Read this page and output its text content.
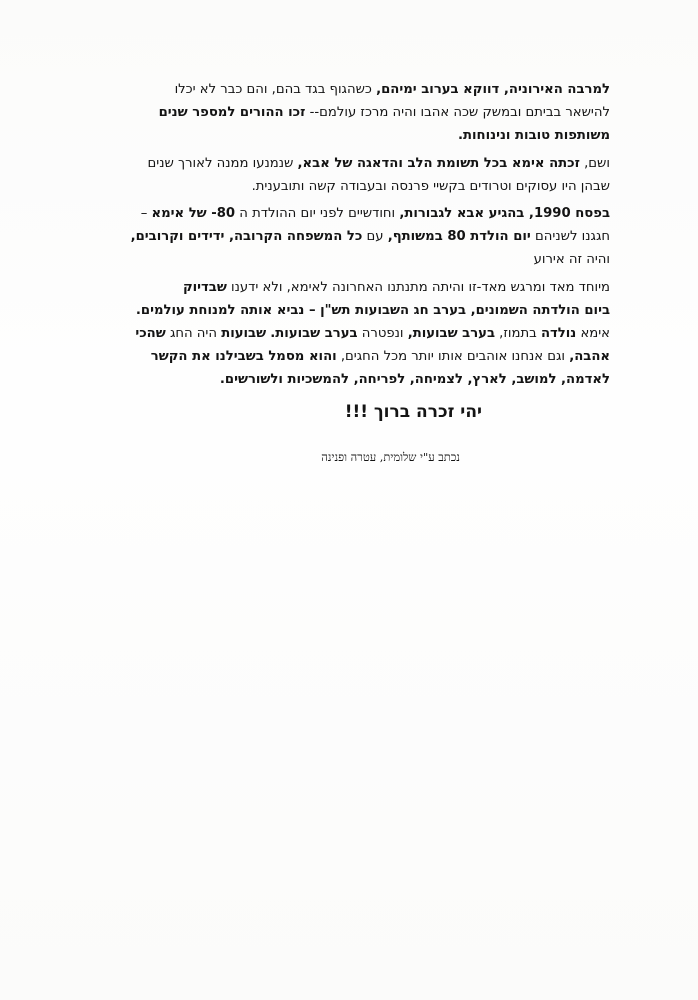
למרבה האירוניה, דווקא בערוב ימיהם, כשהגוף בגד בהם, והם כבר לא יכלו
להישאר בביתם ובמשק שכה אהבו והיה מרכז עולמם-- זכו ההורים למספר שנים
משותפות טובות ונינוחות.
ושם, זכתה אימא בכל תשומת הלב והדאגה של אבא, שנמנעו ממנה לאורך שנים
שבהן היו עסוקים וטרודים בקשיי פרנסה ובעבודה קשה ותובענית.
בפסח 1990, בהגיע אבא לגבורות, וחודשיים לפני יום ההולדת ה 80- של אימא –
חגגנו לשניהם יום הולדת 80 במשותף, עם כל המשפחה הקרובה, ידידים וקרובים,
והיה זה אירוע
מיוחד מאד ומרגש מאד-זו והיתה מתנתנו האחרונה לאימא, ולא ידענו שבדיוק
ביום הולדתה השמונים, בערב חג השבועות תש"ן – נביא אותה למנוחת עולמים.
אימא נולדה בתמוז, בערב שבועות, ונפטרה בערב שבועות. שבועות היה החג שהכי
אהבה, וגם אנחנו אוהבים אותו יותר מכל החגים, והוא מסמל בשבילנו את הקשר
לאדמה, למושב, לארץ, לצמיחה, לפריחה, להמשכיות ולשורשים.
יהי זכרה ברוך !!!
נכתב ע"י שלומית, עטרה ופנינה
